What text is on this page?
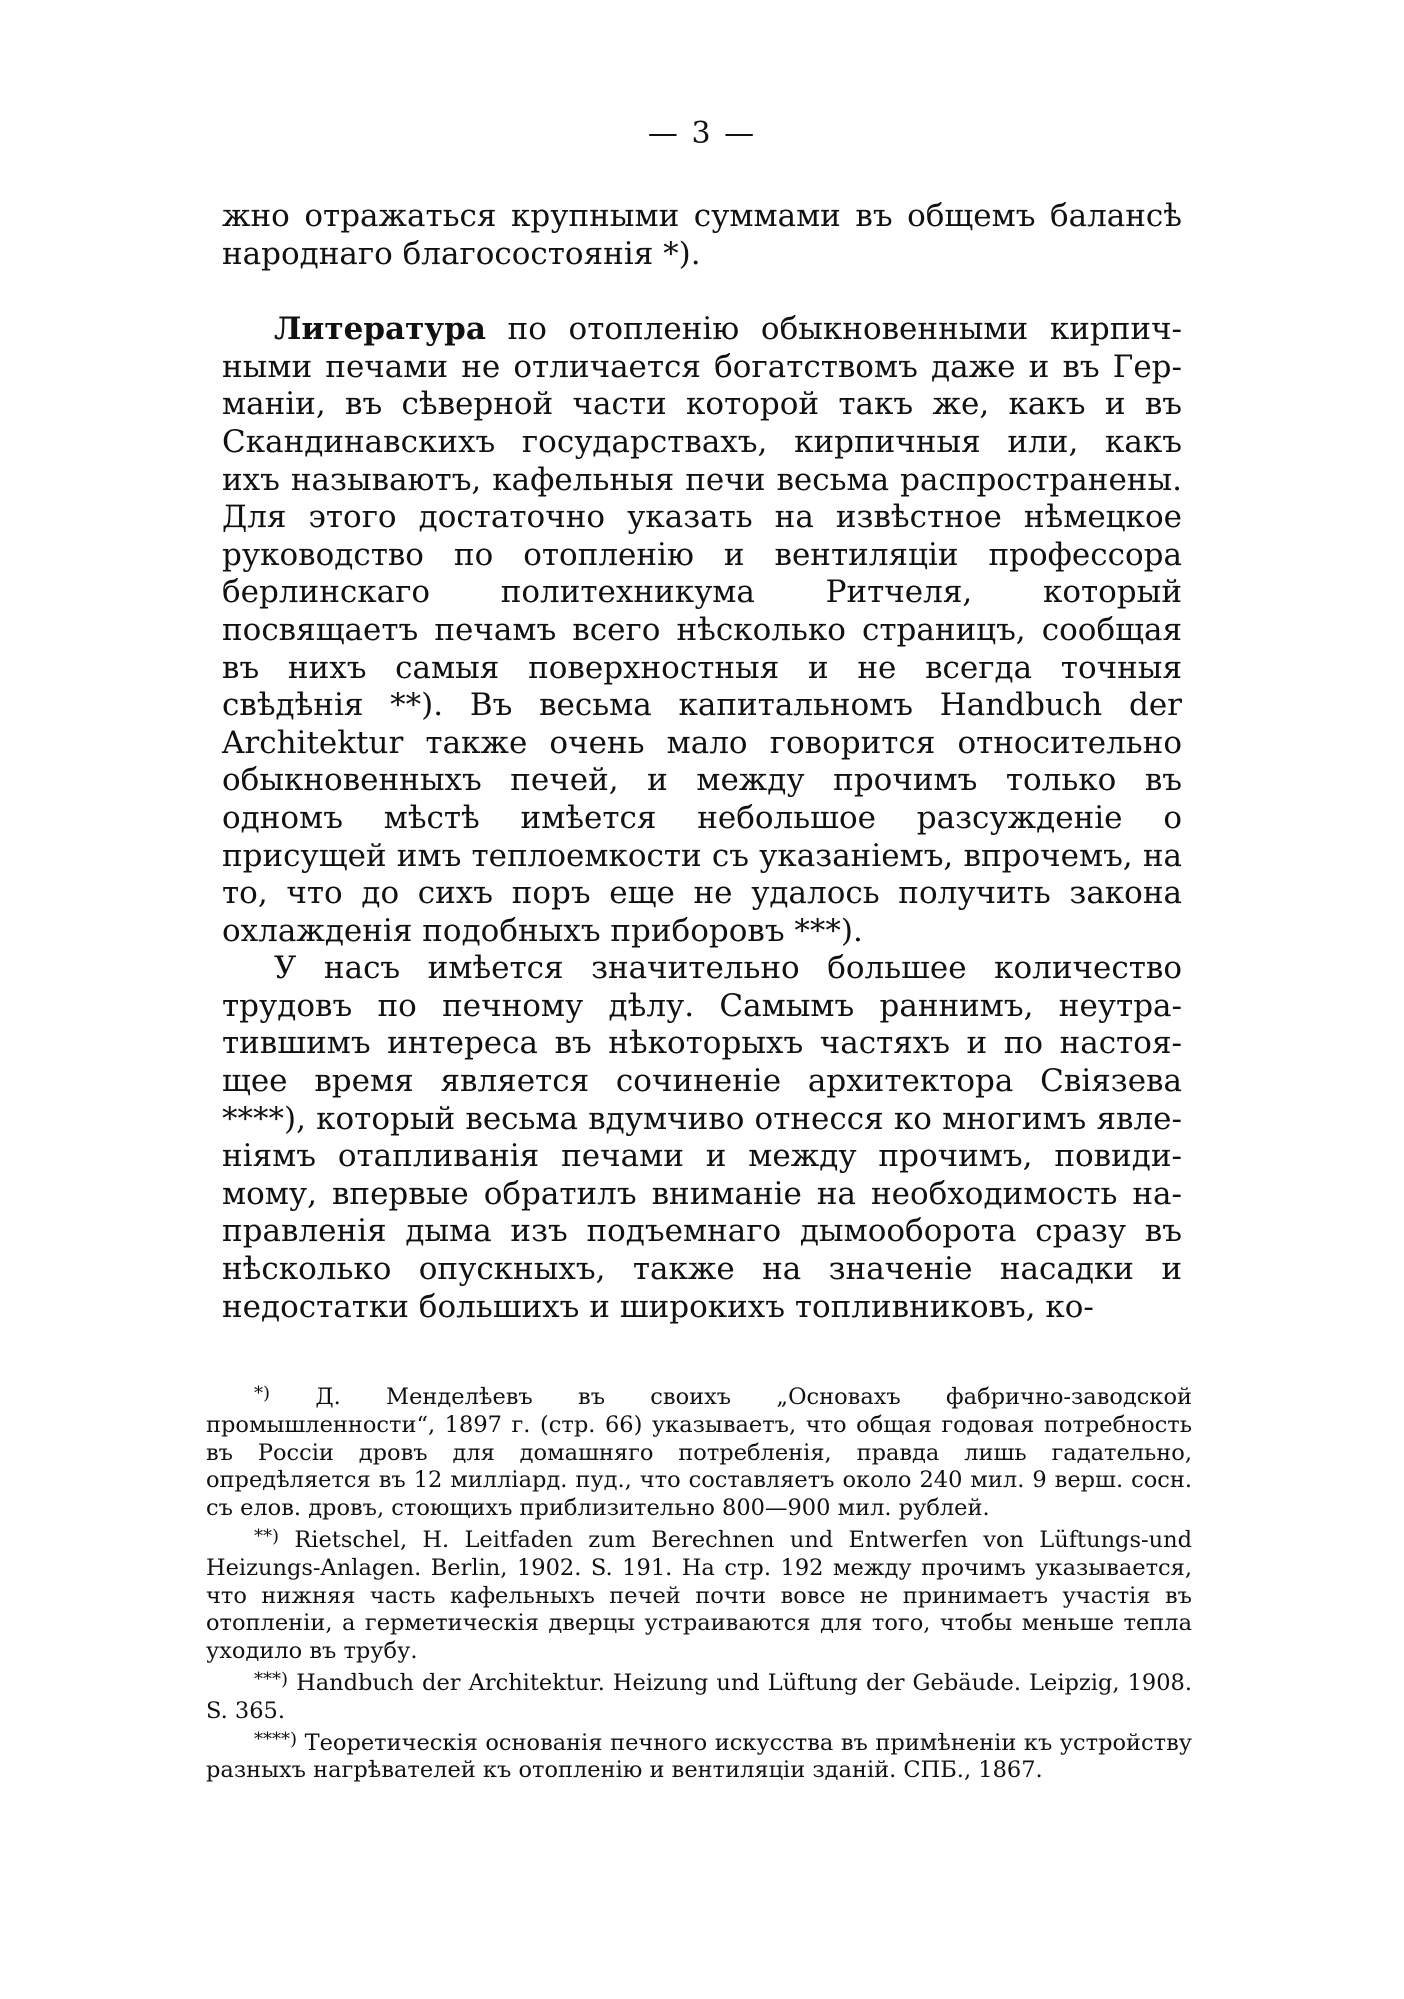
— 3 —

жно отражаться крупными суммами въ общемъ балансѣ народнаго благосостоянія *).

Литература по отопленію обыкновенными кирпичными печами не отличается богатствомъ даже и въ Германіи, въ сѣверной части которой такъ же, какъ и въ Скандинавскихъ государствахъ, кирпичныя или, какъ ихъ называютъ, кафельныя печи весьма распространены. Для этого достаточно указать на извѣстное нѣмецкое руководство по отопленію и вентиляціи профессора берлинскаго политехникума Ритчеля, который посвящаетъ печамъ всего нѣсколько страницъ, сообщая въ нихъ самыя поверхностныя и не всегда точныя свѣдѣнія **). Въ весьма капитальномъ Handbuch der Architektur также очень мало говорится относительно обыкновенныхъ печей, и между прочимъ только въ одномъ мѣстѣ имѣется небольшое разсужденіе о присущей имъ теплоемкости съ указаніемъ, впрочемъ, на то, что до сихъ поръ еще не удалось получить закона охлажденія подобныхъ приборовъ ***).

У насъ имѣется значительно большее количество трудовъ по печному дѣлу. Самымъ раннимъ, неутратившимъ интереса въ нѣкоторыхъ частяхъ и по настоящее время является сочиненіе архитектора Свіязева ****), который весьма вдумчиво отнесся ко многимъ явленіямъ отапливанія печами и между прочимъ, повидимому, впервые обратилъ вниманіе на необходимость направленія дыма изъ подъемнаго дымооборота сразу въ нѣсколько опускныхъ, также на значеніе насадки и недостатки большихъ и широкихъ топливниковъ, ко-

*) Д. Менделѣевъ въ своихъ „Основахъ фабрично-заводской промышленности“, 1897 г. (стр. 66) указываетъ, что общая годовая потребность въ Россіи дровъ для домашняго потребленія, правда лишь гадательно, опредѣляется въ 12 милліард. пуд., что составляетъ около 240 мил. 9 верш. сосн. съ елов. дровъ, стоющихъ приблизительно 800—900 мил. рублей.

**) Rietschel, H. Leitfaden zum Berechnen und Entwerfen von Lüftungs-und Heizungs-Anlagen. Berlin, 1902. S. 191. На стр. 192 между прочимъ указывается, что нижняя часть кафельныхъ печей почти вовсе не принимаетъ участія въ отопленіи, а герметическія дверцы устраиваются для того, чтобы меньше тепла уходило въ трубу.

***) Handbuch der Architektur. Heizung und Lüftung der Gebäude. Leipzig, 1908. S. 365.

****) Теоретическія основанія печного искусства въ примѣненіи къ устройству разныхъ нагрѣвателей къ отопленію и вентиляціи зданій. СПБ., 1867.
